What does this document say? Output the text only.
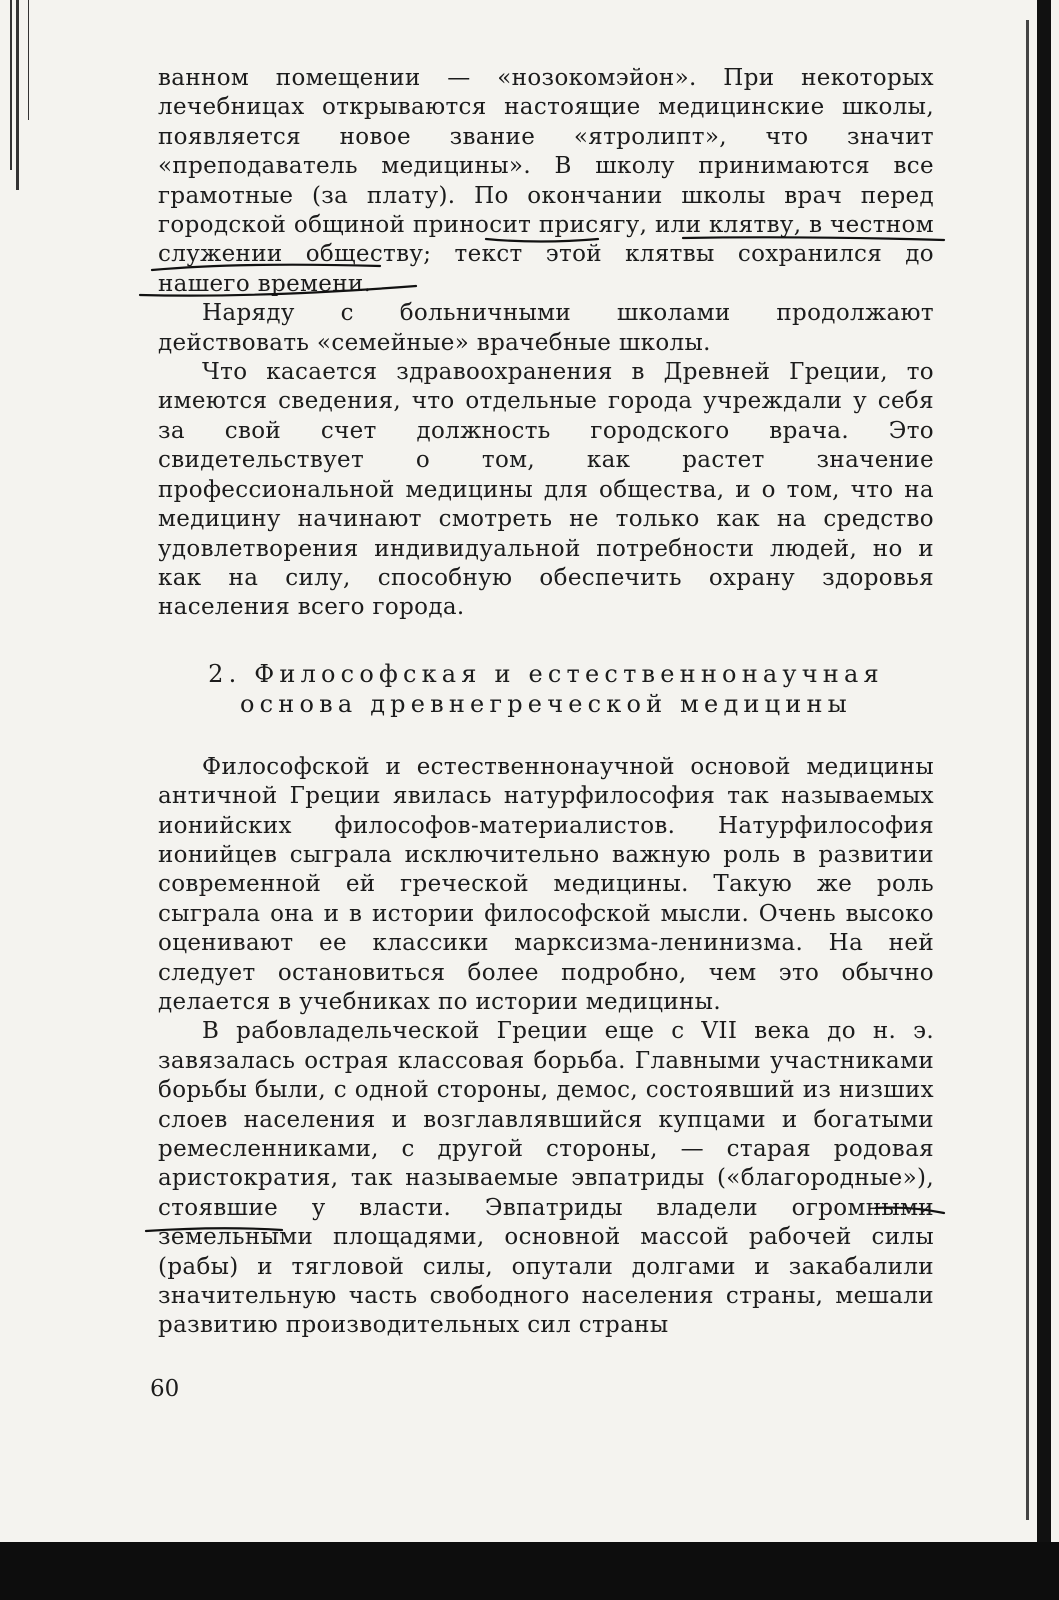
ванном помещении — «нозокомэйон». При некоторых лечебницах открываются настоящие медицинские школы, появляется новое звание «ятролипт», что значит «преподаватель медицины». В школу принимаются все грамотные (за плату). По окончании школы врач перед городской общиной приносит присягу, или клятву, в честном служении обществу; текст этой клятвы сохранился до нашего времени.

Наряду с больничными школами продолжают действовать «семейные» врачебные школы.

Что касается здравоохранения в Древней Греции, то имеются сведения, что отдельные города учреждали у себя за свой счет должность городского врача. Это свидетельствует о том, как растет значение профессиональной медицины для общества, и о том, что на медицину начинают смотреть не только как на средство удовлетворения индивидуальной потребности людей, но и как на силу, способную обеспечить охрану здоровья населения всего города.

2. Философская и естественнонаучная
основа древнегреческой медицины

Философской и естественнонаучной основой медицины античной Греции явилась натурфилософия так называемых ионийских философов-материалистов. Натурфилософия ионийцев сыграла исключительно важную роль в развитии современной ей греческой медицины. Такую же роль сыграла она и в истории философской мысли. Очень высоко оценивают ее классики марксизма-ленинизма. На ней следует остановиться более подробно, чем это обычно делается в учебниках по истории медицины.

В рабовладельческой Греции еще с VII века до н. э. завязалась острая классовая борьба. Главными участниками борьбы были, с одной стороны, демос, состоявший из низших слоев населения и возглавлявшийся купцами и богатыми ремесленниками, с другой стороны, — старая родовая аристократия, так называемые эвпатриды («благородные»), стоявшие у власти. Эвпатриды владели огромными земельными площадями, основной массой рабочей силы (рабы) и тягловой силы, опутали долгами и закабалили значительную часть свободного населения страны, мешали развитию производительных сил страны

60
